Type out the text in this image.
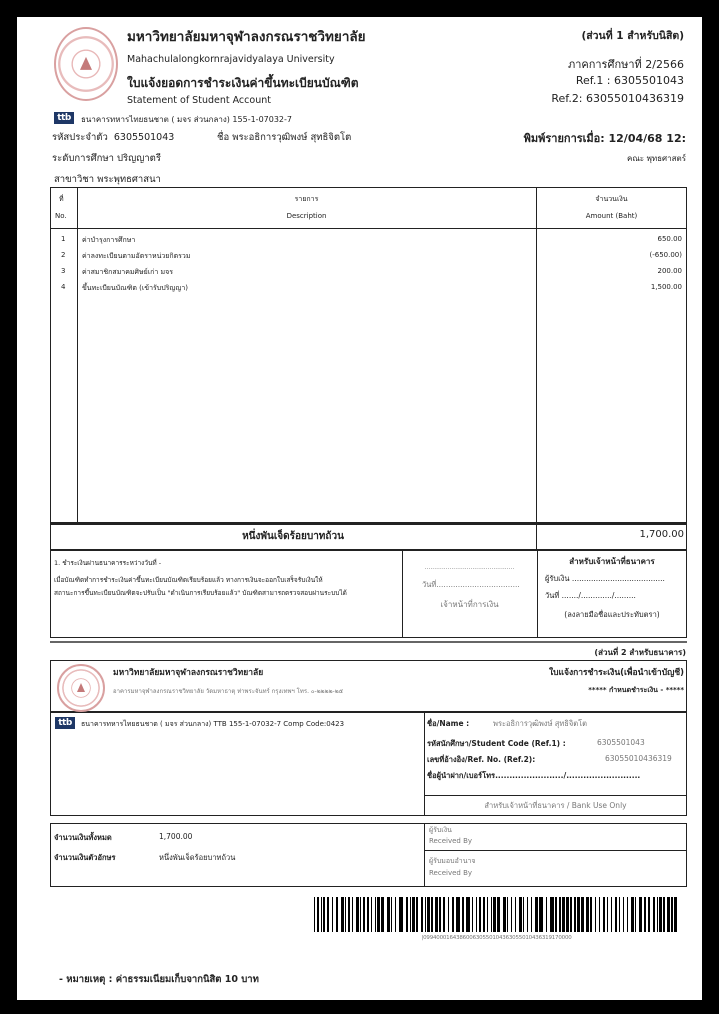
มหาวิทยาลัยมหาจุฬาลงกรณราชวิทยาลัย
Mahachulalongkornrajavidyalaya University
ใบแจ้งยอดการชำระเงินค่าขึ้นทะเบียนบัณฑิต
Statement of Student Account
(ส่วนที่ 1 สำหรับนิสิต)
ภาคการศึกษาที่ 2/2566
Ref.1 : 6305501043
Ref.2: 63055010436319
ttb	ธนาคารทหารไทยธนชาต ( มจร ส่วนกลาง) 155-1-07032-7
รหัสประจำตัว 6305501043	ชื่อ พระอธิการวุฒิพงษ์ สุทธิจิตโต	พิมพ์รายการเมื่อ: 12/04/68 12:
คณะ พุทธศาสตร์
ระดับการศึกษา ปริญญาตรี
สาขาวิชา พระพุทธศาสนา
ที่
No.
รายการ
Description
จำนวนเงิน
Amount (Baht)
1 ค่าบำรุงการศึกษา	650.00
2 ค่าลงทะเบียนตามอัตราหน่วยกิตรวม	(-650.00)
3 ค่าสมาชิกสมาคมศิษย์เก่า มจร	200.00
4 ขึ้นทะเบียนบัณฑิต (เข้ารับปริญญา)	1,500.00
หนึ่งพันเจ็ดร้อยบาทถ้วน	1,700.00
1. ชำระเงินผ่านธนาคารระหว่างวันที่ -
เมื่อบัณฑิตทำการชำระเงินค่าขึ้นทะเบียนบัณฑิตเรียบร้อยแล้ว ทางการเงินจะออกใบเสร็จรับเงินให้
สถานะการขึ้นทะเบียนบัณฑิตจะปรับเป็น "ดำเนินการเรียบร้อยแล้ว" บัณฑิตสามารถตรวจสอบผ่านระบบได้
...............................................
วันที่...................................
เจ้าหน้าที่การเงิน
สำหรับเจ้าหน้าที่ธนาคาร
ผู้รับเงิน .......................................
วันที่ ......./............./.........
(ลงลายมือชื่อและประทับตรา)
(ส่วนที่ 2 สำหรับธนาคาร)
มหาวิทยาลัยมหาจุฬาลงกรณราชวิทยาลัย
อาคารมหาจุฬาลงกรณราชวิทยาลัย วัดมหาธาตุ ท่าพระจันทร์ กรุงเทพฯ โทร. ๐-๒๒๒๒-๒๕
ใบแจ้งการชำระเงิน(เพื่อนำเข้าบัญชี)
***** กำหนดชำระเงิน - *****
ttb	ธนาคารทหารไทยธนชาต ( มจร ส่วนกลาง) TTB 155-1-07032-7 Comp Code:0423	ชื่อ/Name :	พระอธิการวุฒิพงษ์ สุทธิจิตโต
รหัสนักศึกษา/Student Code (Ref.1) :	6305501043
เลขที่อ้างอิง/Ref. No. (Ref.2):	63055010436319
ชื่อผู้นำฝาก/เบอร์โทร......................../..........................
สำหรับเจ้าหน้าที่ธนาคาร / Bank Use Only
จำนวนเงินทั้งหมด	1,700.00
จำนวนเงินตัวอักษร	หนึ่งพันเจ็ดร้อยบาทถ้วน
ผู้รับเงิน
Received By
ผู้รับมอบอำนาจ
Received By
|099400016438600630550104363055010436319170000
- หมายเหตุ : ค่าธรรมเนียมเก็บจากนิสิต 10 บาท
